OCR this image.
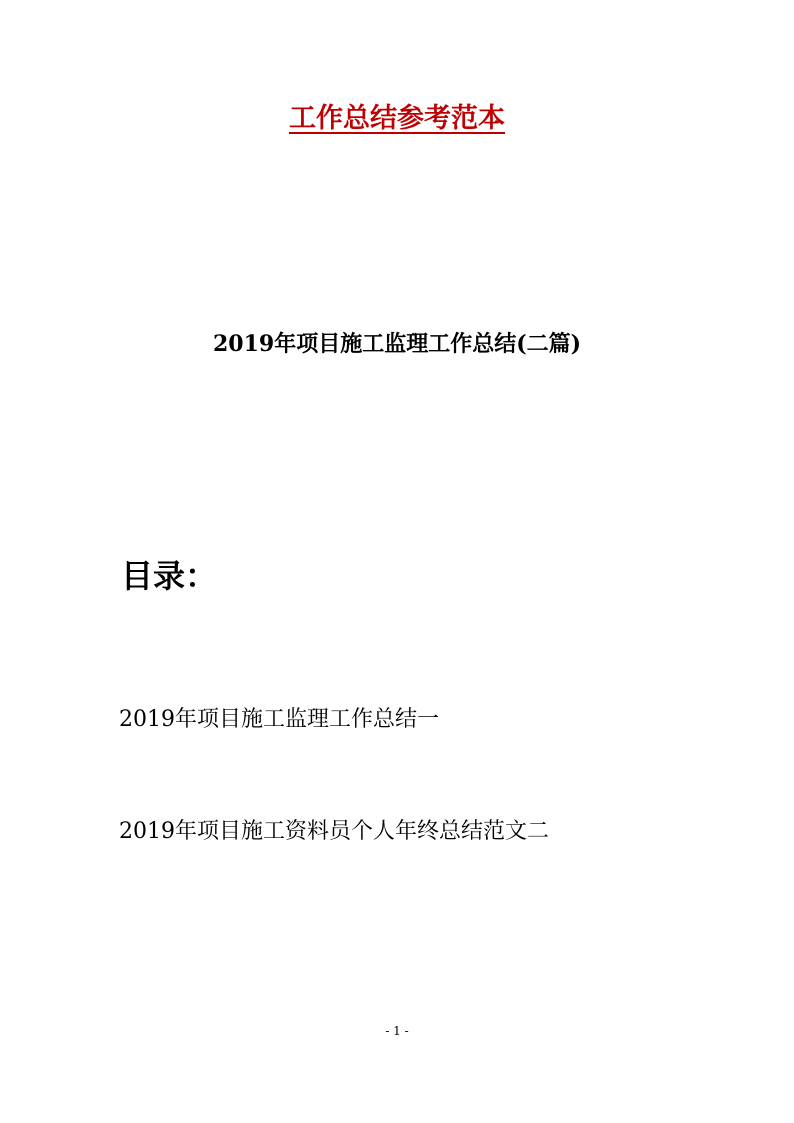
工作总结参考范本
2019年项目施工监理工作总结(二篇)
目录：
2019年项目施工监理工作总结一
2019年项目施工资料员个人年终总结范文二
- 1 -
